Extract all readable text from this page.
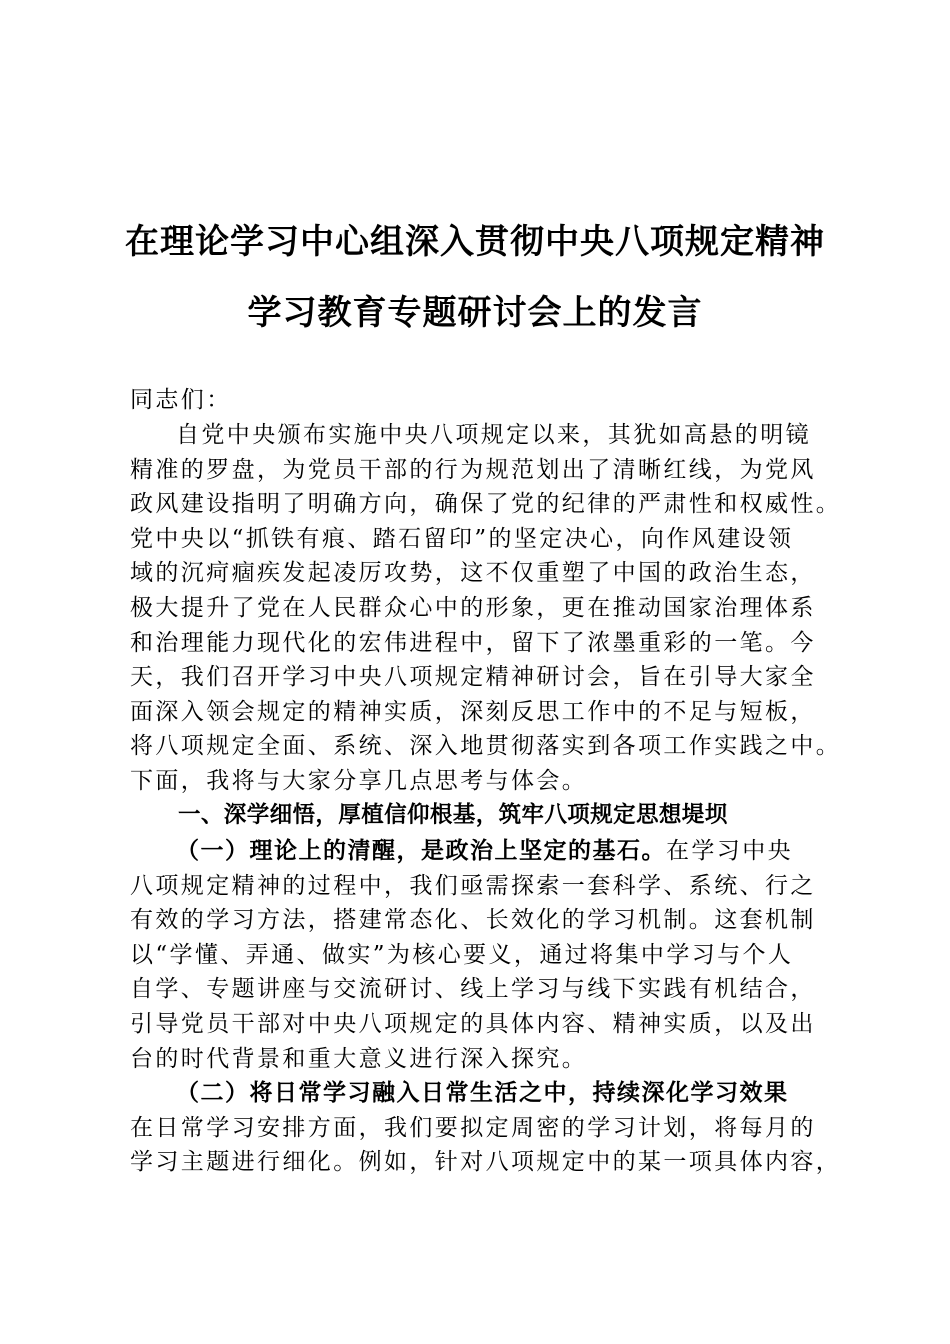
在理论学习中心组深入贯彻中央八项规定精神
学习教育专题研讨会上的发言
同志们：
自党中央颁布实施中央八项规定以来，其犹如高悬的明镜
精准的罗盘，为党员干部的行为规范划出了清晰红线，为党风
政风建设指明了明确方向，确保了党的纪律的严肃性和权威性。
党中央以“抓铁有痕、踏石留印”的坚定决心，向作风建设领
域的沉疴痼疾发起凌厉攻势，这不仅重塑了中国的政治生态，
极大提升了党在人民群众心中的形象，更在推动国家治理体系
和治理能力现代化的宏伟进程中，留下了浓墨重彩的一笔。今
天，我们召开学习中央八项规定精神研讨会，旨在引导大家全
面深入领会规定的精神实质，深刻反思工作中的不足与短板，
将八项规定全面、系统、深入地贯彻落实到各项工作实践之中。
下面，我将与大家分享几点思考与体会。
一、深学细悟，厚植信仰根基，筑牢八项规定思想堤坝
（一）理论上的清醒，是政治上坚定的基石。在学习中央
八项规定精神的过程中，我们亟需探索一套科学、系统、行之
有效的学习方法，搭建常态化、长效化的学习机制。这套机制
以“学懂、弄通、做实”为核心要义，通过将集中学习与个人
自学、专题讲座与交流研讨、线上学习与线下实践有机结合，
引导党员干部对中央八项规定的具体内容、精神实质，以及出
台的时代背景和重大意义进行深入探究。
（二）将日常学习融入日常生活之中，持续深化学习效果
在日常学习安排方面，我们要拟定周密的学习计划，将每月的
学习主题进行细化。例如，针对八项规定中的某一项具体内容，
